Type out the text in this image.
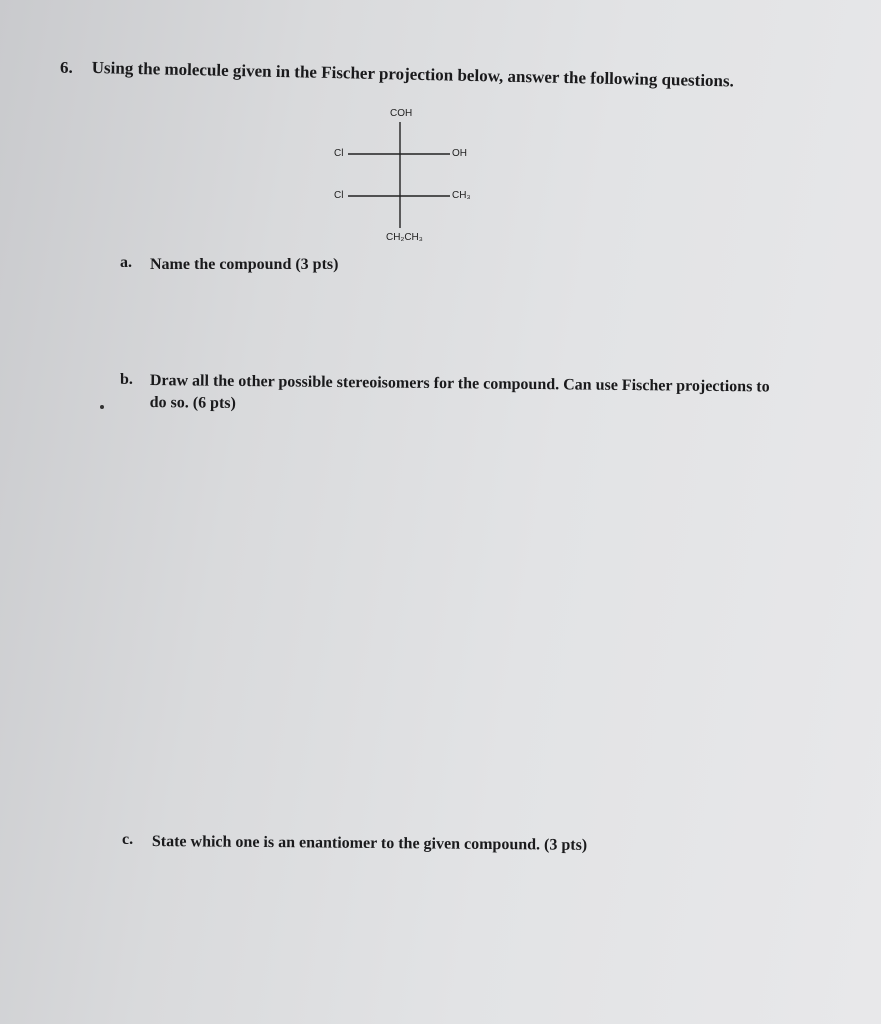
6. Using the molecule given in the Fischer projection below, answer the following questions.
COH
Cl	OH
Cl	CH₃
CH₂CH₃
a. Name the compound (3 pts)
b. Draw all the other possible stereoisomers for the compound. Can use Fischer projections to do so. (6 pts)
c. State which one is an enantiomer to the given compound. (3 pts)
